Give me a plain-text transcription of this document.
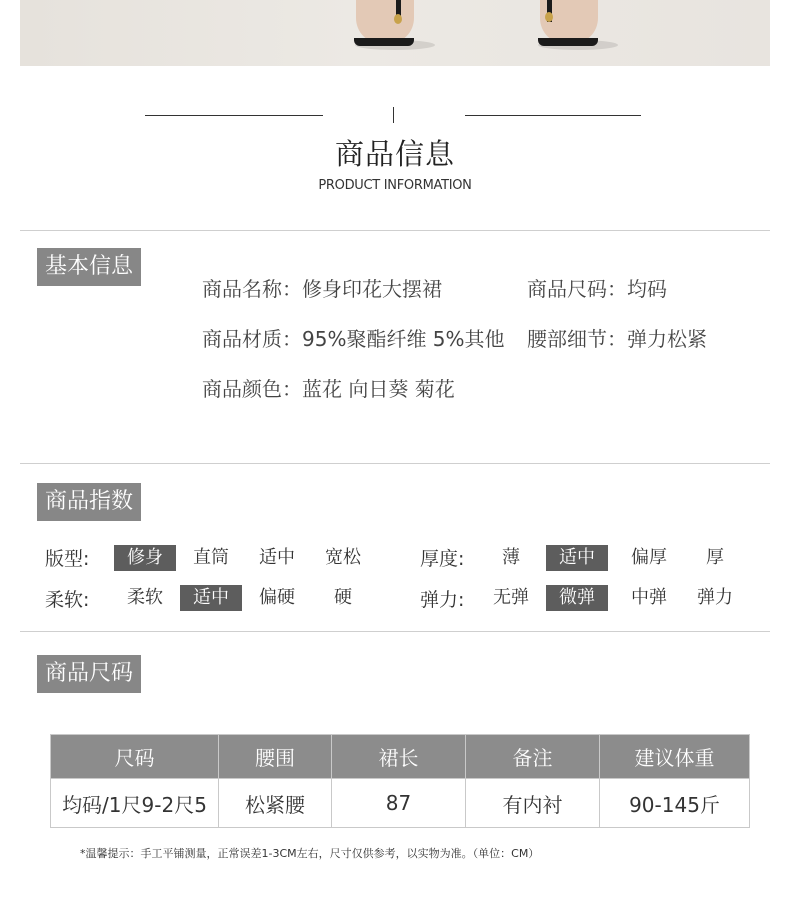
商品信息
PRODUCT INFORMATION
基本信息
商品名称：修身印花大摆裙	商品尺码：均码
商品材质：95%聚酯纤维 5%其他 腰部细节：弹力松紧
商品颜色：蓝花 向日葵 菊花
商品指数
版型:	修身	直筒	适中	宽松	厚度:	薄	适中	偏厚	厚
柔软:	柔软	适中	偏硬	硬	弹力:	无弹	微弹	中弹	弹力
商品尺码
尺码	腰围	裙长	备注	建议体重
均码/1尺9-2尺5	松紧腰	87	有内衬	90-145斤
*温馨提示：手工平铺测量，正常误差1-3CM左右，尺寸仅供参考，以实物为准。（单位：CM）
